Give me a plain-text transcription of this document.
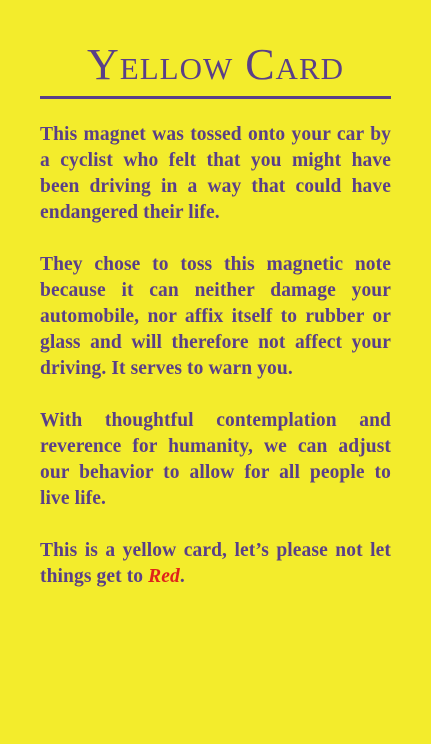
Yellow Card

This magnet was tossed onto your car by a cyclist who felt that you might have been driving in a way that could have endangered their life.

They chose to toss this magnetic note because it can neither damage your automobile, nor affix itself to rubber or glass and will therefore not affect your driving. It serves to warn you.

With thoughtful contemplation and reverence for humanity, we can adjust our behavior to allow for all people to live life.

This is a yellow card, let’s please not let things get to Red.
